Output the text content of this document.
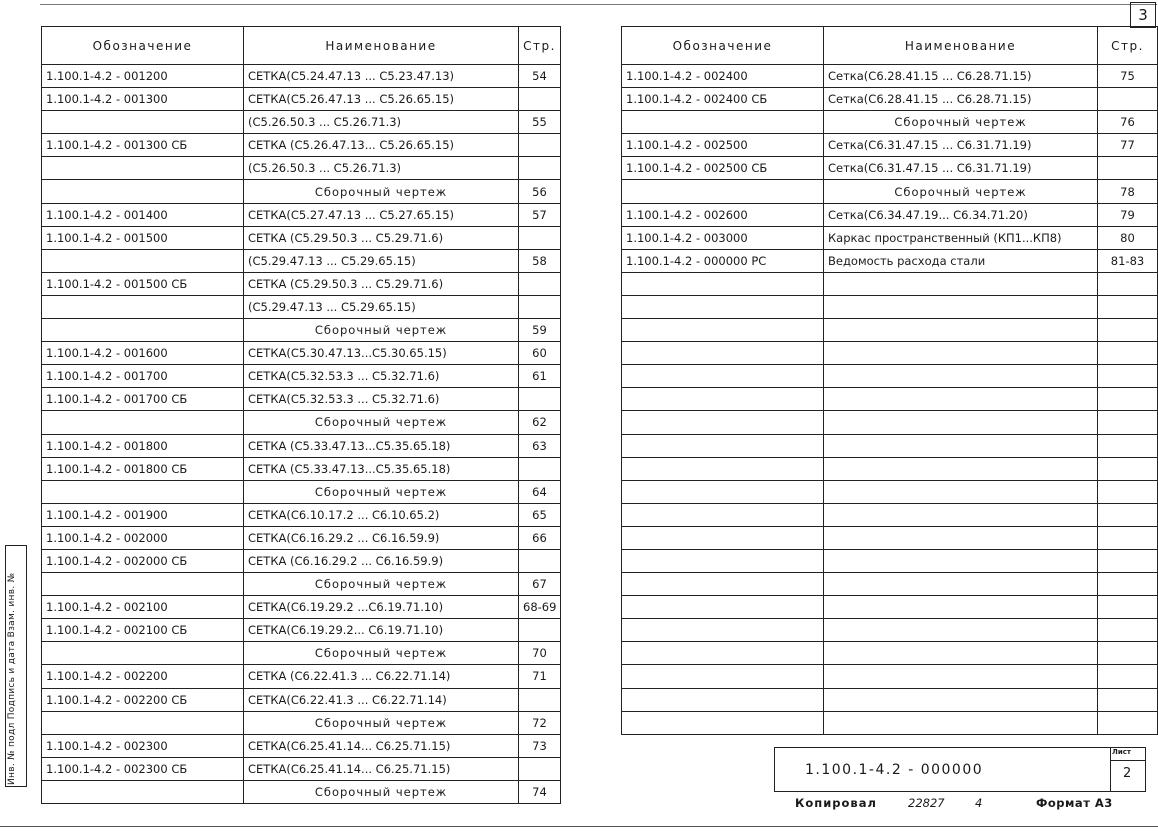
3
Обозначение	Наименование	Стр.
1.100.1-4.2 - 001200	СЕТКА(С5.24.47.13 ... С5.23.47.13)	54
1.100.1-4.2 - 001300	СЕТКА(С5.26.47.13 ... С5.26.65.15)	
	(С5.26.50.3 ... С5.26.71.3)	55
1.100.1-4.2 - 001300 СБ	СЕТКА (С5.26.47.13... С5.26.65.15)	
	(С5.26.50.3 ... С5.26.71.3)	
	Сборочный чертеж	56
1.100.1-4.2 - 001400	СЕТКА(С5.27.47.13 ... С5.27.65.15)	57
1.100.1-4.2 - 001500	СЕТКА (С5.29.50.3 ... С5.29.71.6)	
	(С5.29.47.13 ... С5.29.65.15)	58
1.100.1-4.2 - 001500 СБ	СЕТКА (С5.29.50.3 ... С5.29.71.6)	
	(С5.29.47.13 ... С5.29.65.15)	
	Сборочный чертеж	59
1.100.1-4.2 - 001600	СЕТКА(С5.30.47.13...С5.30.65.15)	60
1.100.1-4.2 - 001700	СЕТКА(С5.32.53.3 ... С5.32.71.6)	61
1.100.1-4.2 - 001700 СБ	СЕТКА(С5.32.53.3 ... С5.32.71.6)	
	Сборочный чертеж	62
1.100.1-4.2 - 001800	СЕТКА (С5.33.47.13...С5.35.65.18)	63
1.100.1-4.2 - 001800 СБ	СЕТКА (С5.33.47.13...С5.35.65.18)	
	Сборочный чертеж	64
1.100.1-4.2 - 001900	СЕТКА(С6.10.17.2 ... С6.10.65.2)	65
1.100.1-4.2 - 002000	СЕТКА(С6.16.29.2 ... С6.16.59.9)	66
1.100.1-4.2 - 002000 СБ	СЕТКА (С6.16.29.2 ... С6.16.59.9)	
	Сборочный чертеж	67
1.100.1-4.2 - 002100	СЕТКА(С6.19.29.2 ...С6.19.71.10)	68-69
1.100.1-4.2 - 002100 СБ	СЕТКА(С6.19.29.2... С6.19.71.10)	
	Сборочный чертеж	70
1.100.1-4.2 - 002200	СЕТКА (С6.22.41.3 ... С6.22.71.14)	71
1.100.1-4.2 - 002200 СБ	СЕТКА(С6.22.41.3 ... С6.22.71.14)	
	Сборочный чертеж	72
1.100.1-4.2 - 002300	СЕТКА(С6.25.41.14... С6.25.71.15)	73
1.100.1-4.2 - 002300 СБ	СЕТКА(С6.25.41.14... С6.25.71.15)	
	Сборочный чертеж	74
Обозначение	Наименование	Стр.
1.100.1-4.2 - 002400	Сетка(С6.28.41.15 ... С6.28.71.15)	75
1.100.1-4.2 - 002400 СБ	Сетка(С6.28.41.15 ... С6.28.71.15)	
	Сборочный чертеж	76
1.100.1-4.2 - 002500	Сетка(С6.31.47.15 ... С6.31.71.19)	77
1.100.1-4.2 - 002500 СБ	Сетка(С6.31.47.15 ... С6.31.71.19)	
	Сборочный чертеж	78
1.100.1-4.2 - 002600	Сетка(С6.34.47.19... С6.34.71.20)	79
1.100.1-4.2 - 003000	Каркас пространственный (КП1...КП8)	80
1.100.1-4.2 - 000000 РС	Ведомость расхода стали	81-83

Инв. № подл Подпись и дата Взам. инв. №	1.100.1-4.2 - 000000
Лист
2
Копировал	22827	4	Формат А3
